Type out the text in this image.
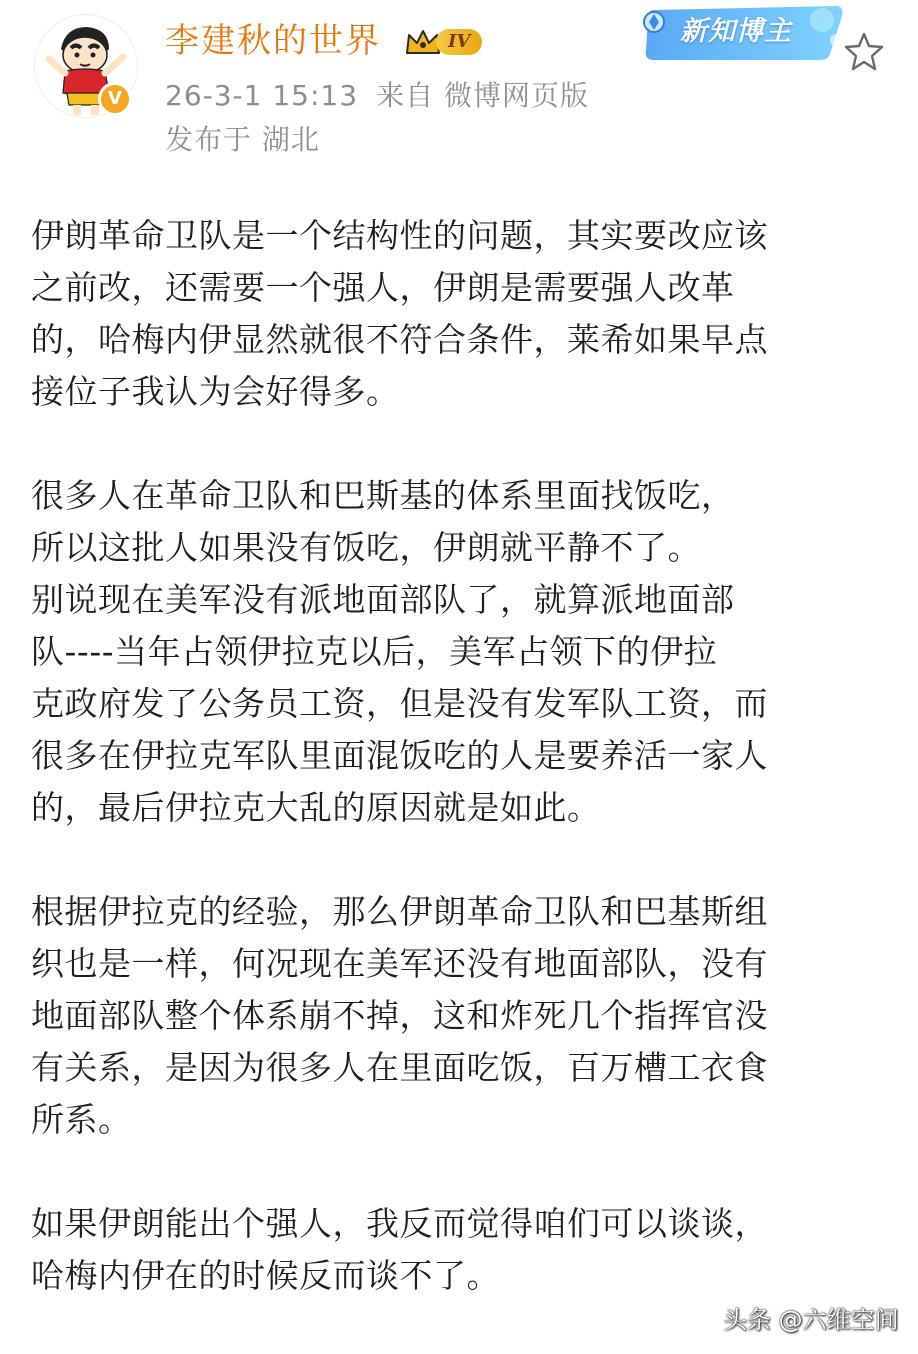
V
李建秋的世界	IV
26-3-1 15:13 来自 微博网页版
发布于 湖北
新知博主

伊朗革命卫队是一个结构性的问题，其实要改应该
之前改，还需要一个强人，伊朗是需要强人改革
的，哈梅内伊显然就很不符合条件，莱希如果早点
接位子我认为会好得多。

很多人在革命卫队和巴斯基的体系里面找饭吃，
所以这批人如果没有饭吃，伊朗就平静不了。
别说现在美军没有派地面部队了，就算派地面部
队----当年占领伊拉克以后，美军占领下的伊拉
克政府发了公务员工资，但是没有发军队工资，而
很多在伊拉克军队里面混饭吃的人是要养活一家人
的，最后伊拉克大乱的原因就是如此。

根据伊拉克的经验，那么伊朗革命卫队和巴基斯组
织也是一样，何况现在美军还没有地面部队，没有
地面部队整个体系崩不掉，这和炸死几个指挥官没
有关系，是因为很多人在里面吃饭，百万槽工衣食
所系。

如果伊朗能出个强人，我反而觉得咱们可以谈谈，
哈梅内伊在的时候反而谈不了。

头条 @六维空间
